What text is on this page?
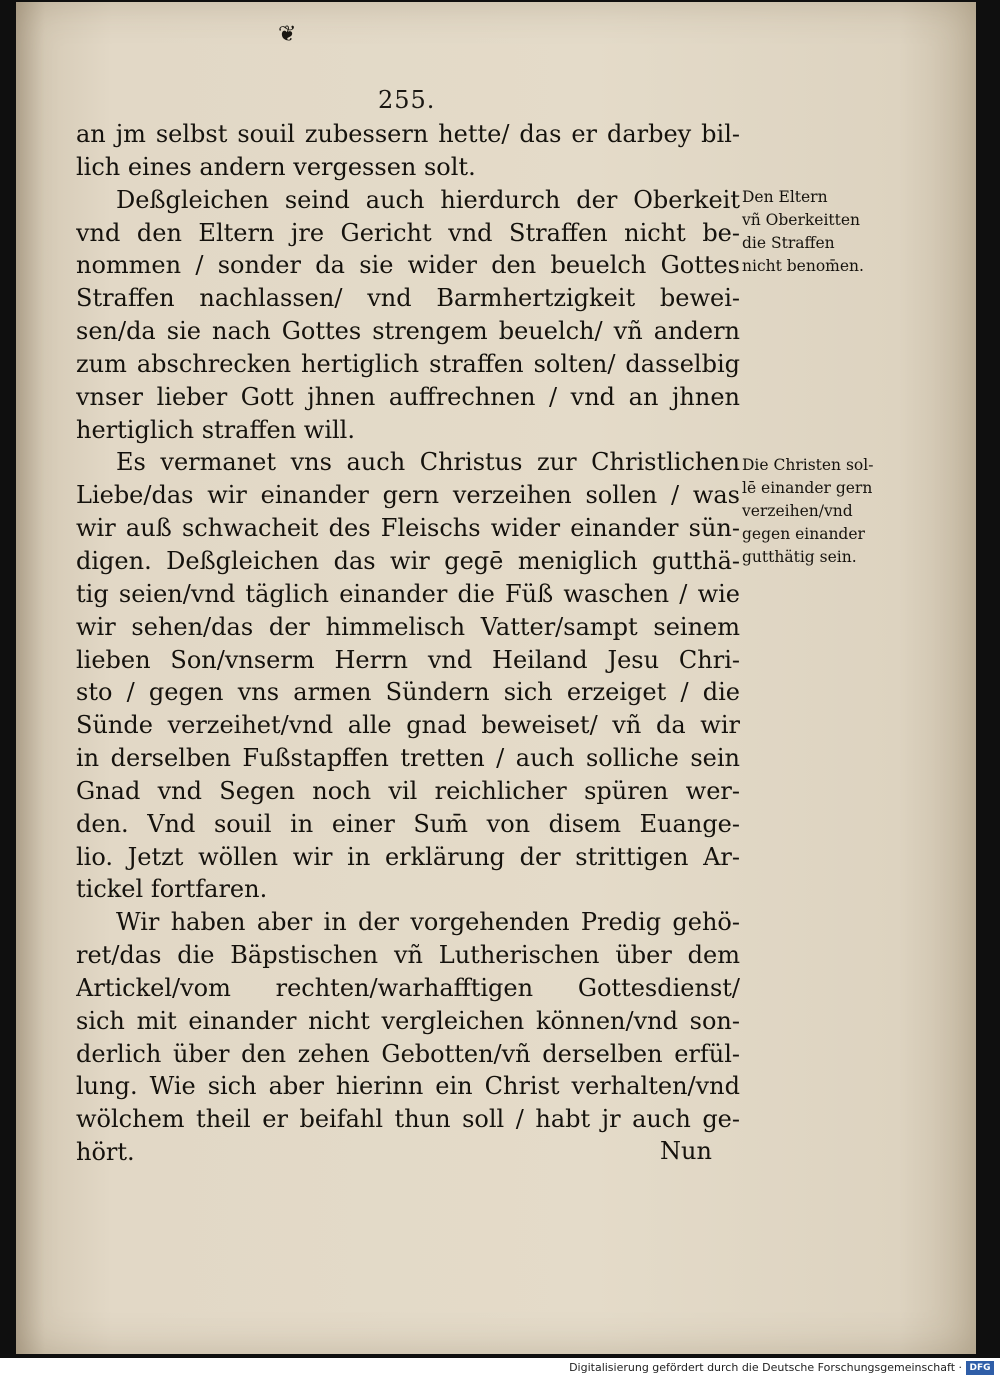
❦
255.
an jm selbst souil zubessern hette/ das er darbey bil-
lich eines andern vergessen solt.
Deßgleichen seind auch hierdurch der Oberkeit
vnd den Eltern jre Gericht vnd Straffen nicht be-
nommen / sonder da sie wider den beuelch Gottes
Straffen nachlassen/ vnd Barmhertzigkeit bewei-
sen/da sie nach Gottes strengem beuelch/ vñ andern
zum abschrecken hertiglich straffen solten/ dasselbig
vnser lieber Gott jhnen auffrechnen / vnd an jhnen
hertiglich straffen will.
Es vermanet vns auch Christus zur Christlichen
Liebe/das wir einander gern verzeihen sollen / was
wir auß schwacheit des Fleischs wider einander sün-
digen. Deßgleichen das wir gegē meniglich gutthä-
tig seien/vnd täglich einander die Füß waschen / wie
wir sehen/das der himmelisch Vatter/sampt seinem
lieben Son/vnserm Herrn vnd Heiland Jesu Chri-
sto / gegen vns armen Sündern sich erzeiget / die
Sünde verzeihet/vnd alle gnad beweiset/ vñ da wir
in derselben Fußstapffen tretten / auch solliche sein
Gnad vnd Segen noch vil reichlicher spüren wer-
den. Vnd souil in einer Sum̄ von disem Euange-
lio. Jetzt wöllen wir in erklärung der strittigen Ar-
tickel fortfaren.
Wir haben aber in der vorgehenden Predig gehö-
ret/das die Bäpstischen vñ Lutherischen über dem
Artickel/vom rechten/warhafftigen Gottesdienst/
sich mit einander nicht vergleichen können/vnd son-
derlich über den zehen Gebotten/vñ derselben erfül-
lung. Wie sich aber hierinn ein Christ verhalten/vnd
wölchem theil er beifahl thun soll / habt jr auch ge-
hört.	Nun
Den Eltern
vñ Oberkeitten
die Straffen
nicht benom̄en.
Die Christen sol-
lē einander gern
verzeihen/vnd
gegen einander
gutthätig sein.
Digitalisierung gefördert durch die Deutsche Forschungsgemeinschaft · DFG
